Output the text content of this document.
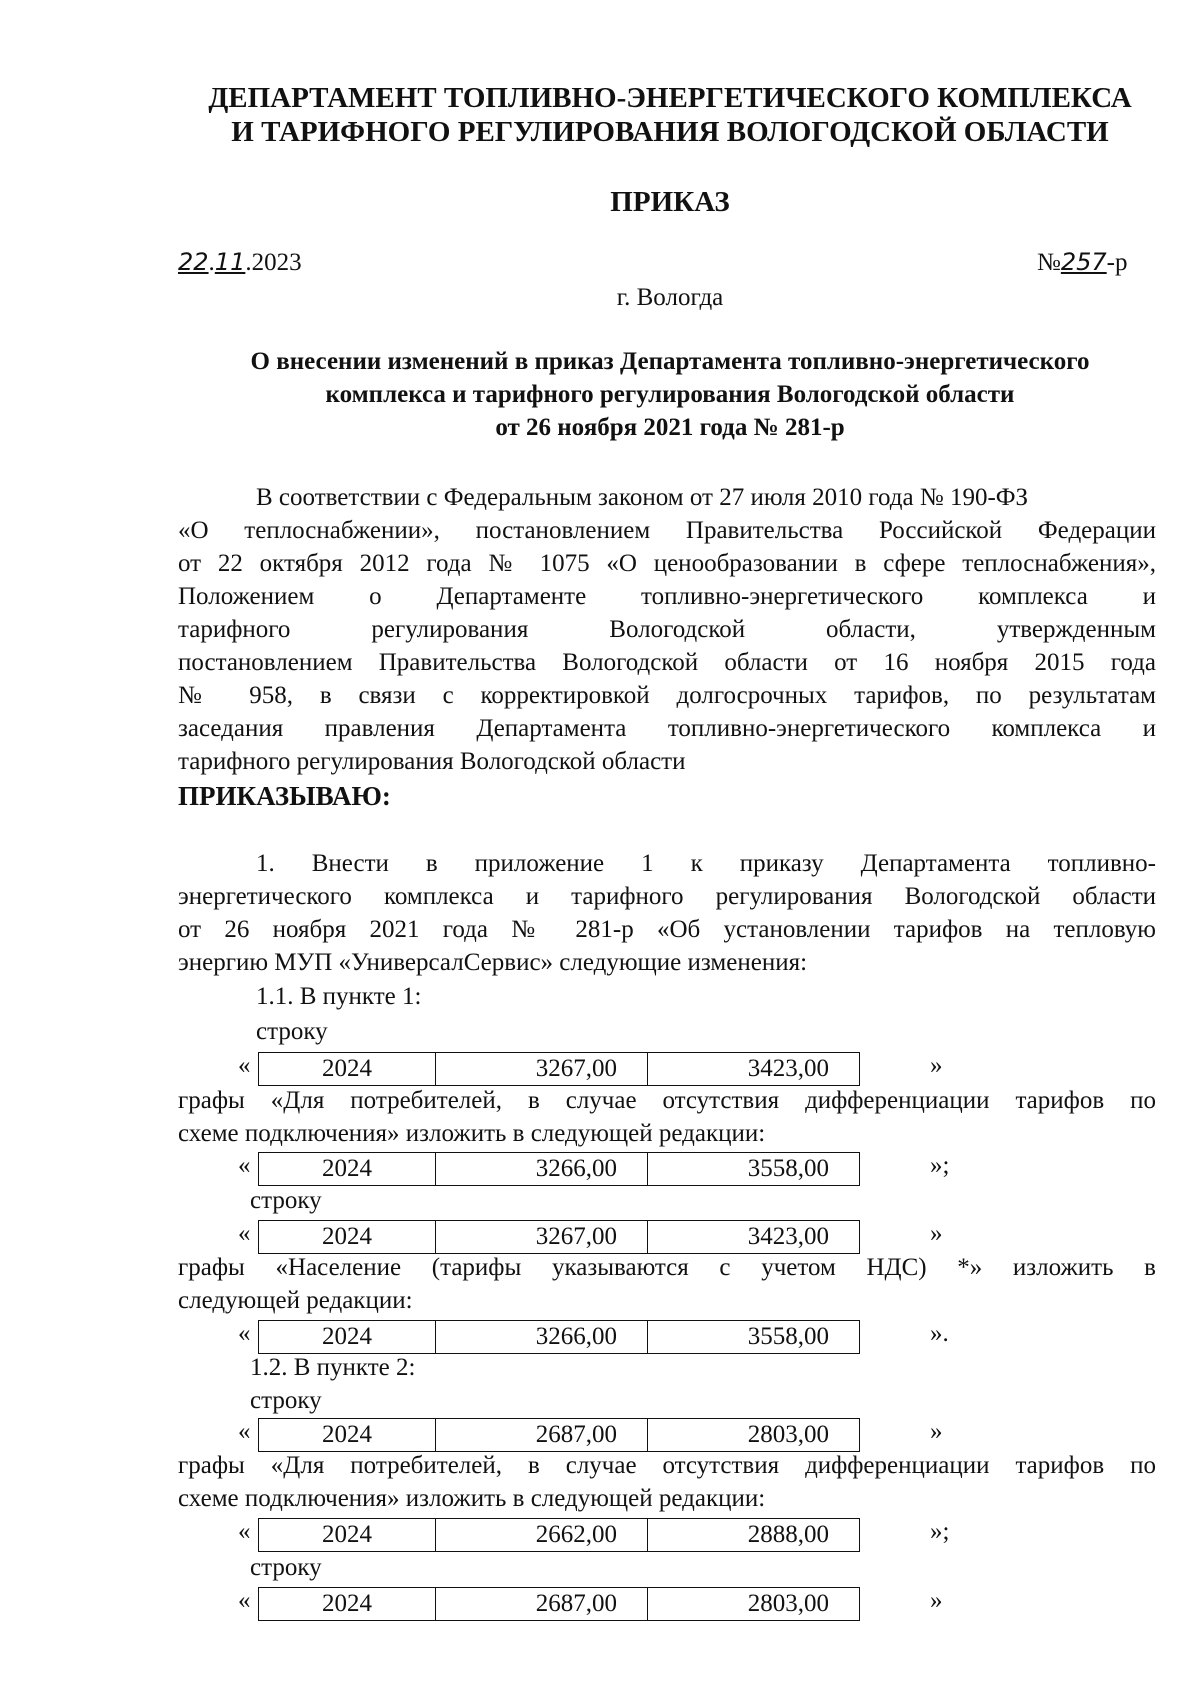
ДЕПАРТАМЕНТ ТОПЛИВНО-ЭНЕРГЕТИЧЕСКОГО КОМПЛЕКСА
И ТАРИФНОГО РЕГУЛИРОВАНИЯ ВОЛОГОДСКОЙ ОБЛАСТИ
ПРИКАЗ
22.11.2023	№257-р
г. Вологда
О внесении изменений в приказ Департамента топливно-энергетического
комплекса и тарифного регулирования Вологодской области
от 26 ноября 2021 года № 281-р
В соответствии с Федеральным законом от 27 июля 2010 года № 190-ФЗ
«О теплоснабжении», постановлением Правительства Российской Федерации
от 22 октября 2012 года № 1075 «О ценообразовании в сфере теплоснабжения»,
Положением о Департаменте топливно-энергетического комплекса и
тарифного регулирования Вологодской области, утвержденным
постановлением Правительства Вологодской области от 16 ноября 2015 года
№ 958, в связи с корректировкой долгосрочных тарифов, по результатам
заседания правления Департамента топливно-энергетического комплекса и
тарифного регулирования Вологодской области
ПРИКАЗЫВАЮ:
1. Внести в приложение 1 к приказу Департамента топливно-
энергетического комплекса и тарифного регулирования Вологодской области
от 26 ноября 2021 года № 281-р «Об установлении тарифов на тепловую
энергию МУП «УниверсалСервис» следующие изменения:
1.1. В пункте 1:
строку
«	2024	3267,00	3423,00	»
графы «Для потребителей, в случае отсутствия дифференциации тарифов по
схеме подключения» изложить в следующей редакции:
«	2024	3266,00	3558,00	»;
строку
«	2024	3267,00	3423,00	»
графы «Население (тарифы указываются с учетом НДС) *» изложить в
следующей редакции:
«	2024	3266,00	3558,00	».
1.2. В пункте 2:
строку
«	2024	2687,00	2803,00	»
графы «Для потребителей, в случае отсутствия дифференциации тарифов по
схеме подключения» изложить в следующей редакции:
«	2024	2662,00	2888,00	»;
строку
«	2024	2687,00	2803,00	»
